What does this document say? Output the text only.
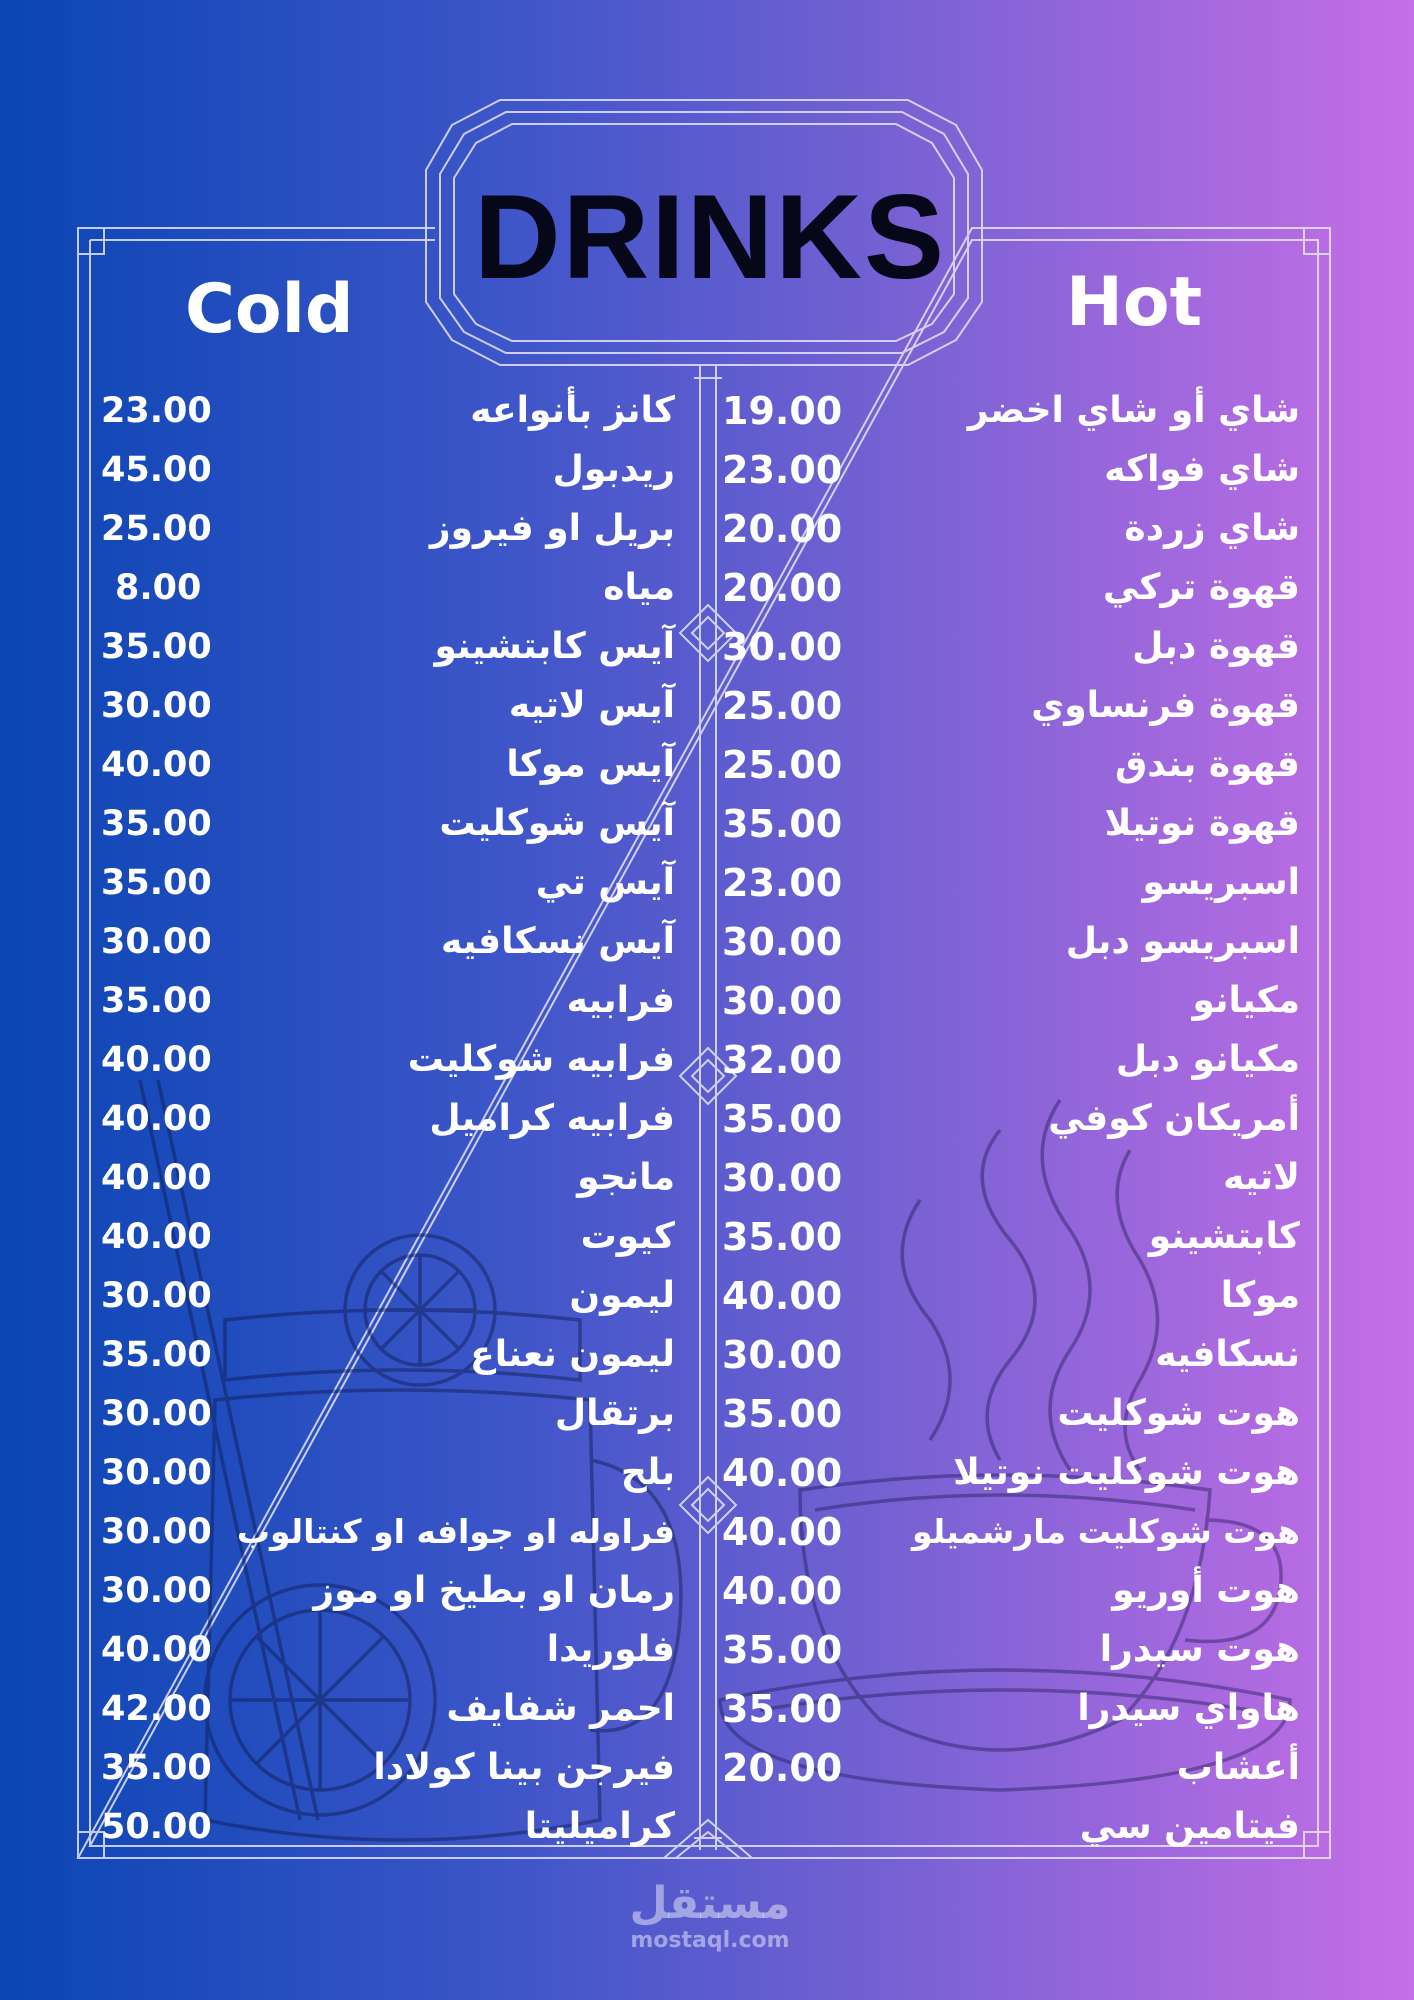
DRINKS
Cold	Hot
كانز بأنواعه
23.00
ريدبول
45.00
بريل او فيروز
25.00
مياه
8.00
آيس كابتشينو
35.00
آيس لاتيه
30.00
آيس موكا
40.00
آيس شوكليت
35.00
آيس تي
35.00
آيس نسكافيه
30.00
فرابيه
35.00
فرابيه شوكليت
40.00
فرابيه كراميل
40.00
مانجو
40.00
كيوت
40.00
ليمون
30.00
ليمون نعناع
35.00
برتقال
30.00
بلح
30.00
فراوله او جوافه او كنتالوب
30.00
رمان او بطيخ او موز
30.00
فلوريدا
40.00
احمر شفايف
42.00
فيرجن بينا كولادا
35.00
كراميليتا
50.00
شاي أو شاي اخضر
19.00
شاي فواكه
23.00
شاي زردة
20.00
قهوة تركي
20.00
قهوة دبل
30.00
قهوة فرنساوي
25.00
قهوة بندق
25.00
قهوة نوتيلا
35.00
اسبريسو
23.00
اسبريسو دبل
30.00
مكيانو
30.00
مكيانو دبل
32.00
أمريكان كوفي
35.00
لاتيه
30.00
كابتشينو
35.00
موكا
40.00
نسكافيه
30.00
هوت شوكليت
35.00
هوت شوكليت نوتيلا
40.00
هوت شوكليت مارشميلو
40.00
هوت أوريو
40.00
هوت سيدرا
35.00
هاواي سيدرا
35.00
أعشاب
20.00
فيتامين سي
مستقل
mostaql.com
